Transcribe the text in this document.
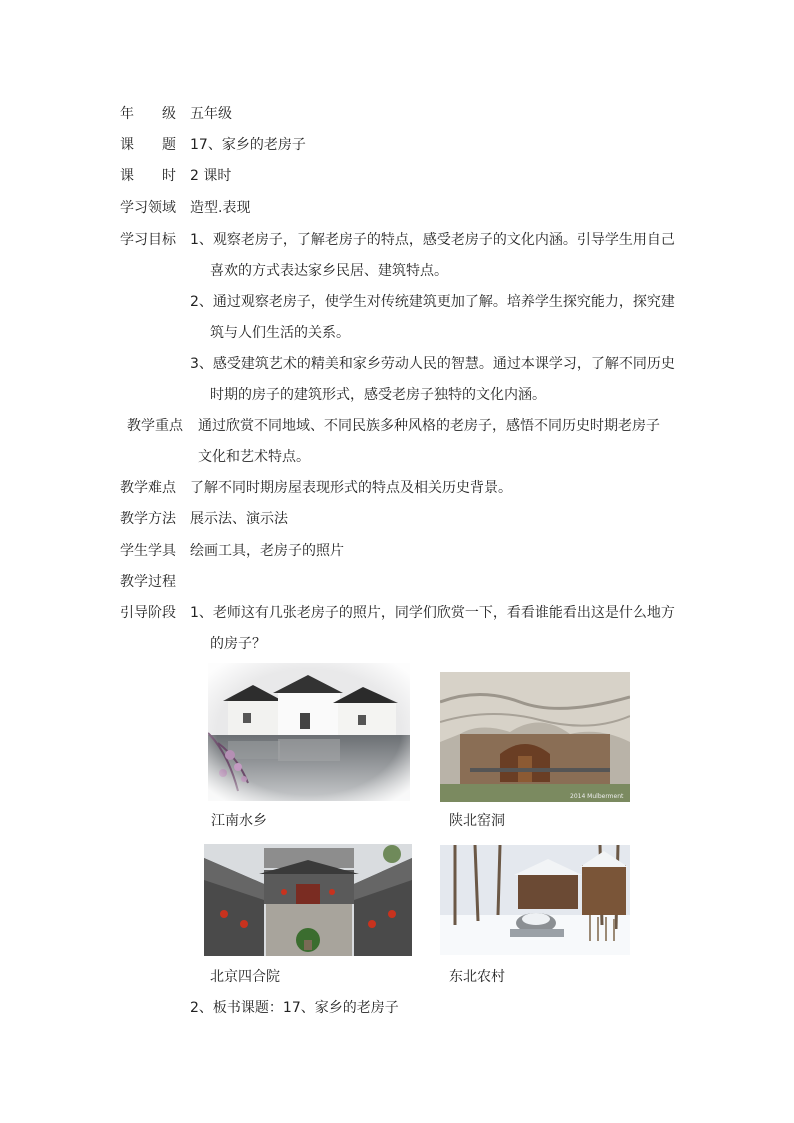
年　　级 五年级
课　　题 17、家乡的老房子
课　　时 2 课时
学习领域 造型.表现
学习目标 1、观察老房子，了解老房子的特点，感受老房子的文化内涵。引导学生用自己
喜欢的方式表达家乡民居、建筑特点。
2、通过观察老房子，使学生对传统建筑更加了解。培养学生探究能力，探究建
筑与人们生活的关系。
3、感受建筑艺术的精美和家乡劳动人民的智慧。通过本课学习，了解不同历史
时期的房子的建筑形式，感受老房子独特的文化内涵。
教学重点 通过欣赏不同地域、不同民族多种风格的老房子，感悟不同历史时期老房子
文化和艺术特点。
教学难点 了解不同时期房屋表现形式的特点及相关历史背景。
教学方法 展示法、演示法
学生学具 绘画工具，老房子的照片
教学过程
引导阶段 1、老师这有几张老房子的照片，同学们欣赏一下，看看谁能看出这是什么地方
的房子？
2014 Mulberment
江南水乡	陕北窑洞
北京四合院	东北农村
2、板书课题：17、家乡的老房子
